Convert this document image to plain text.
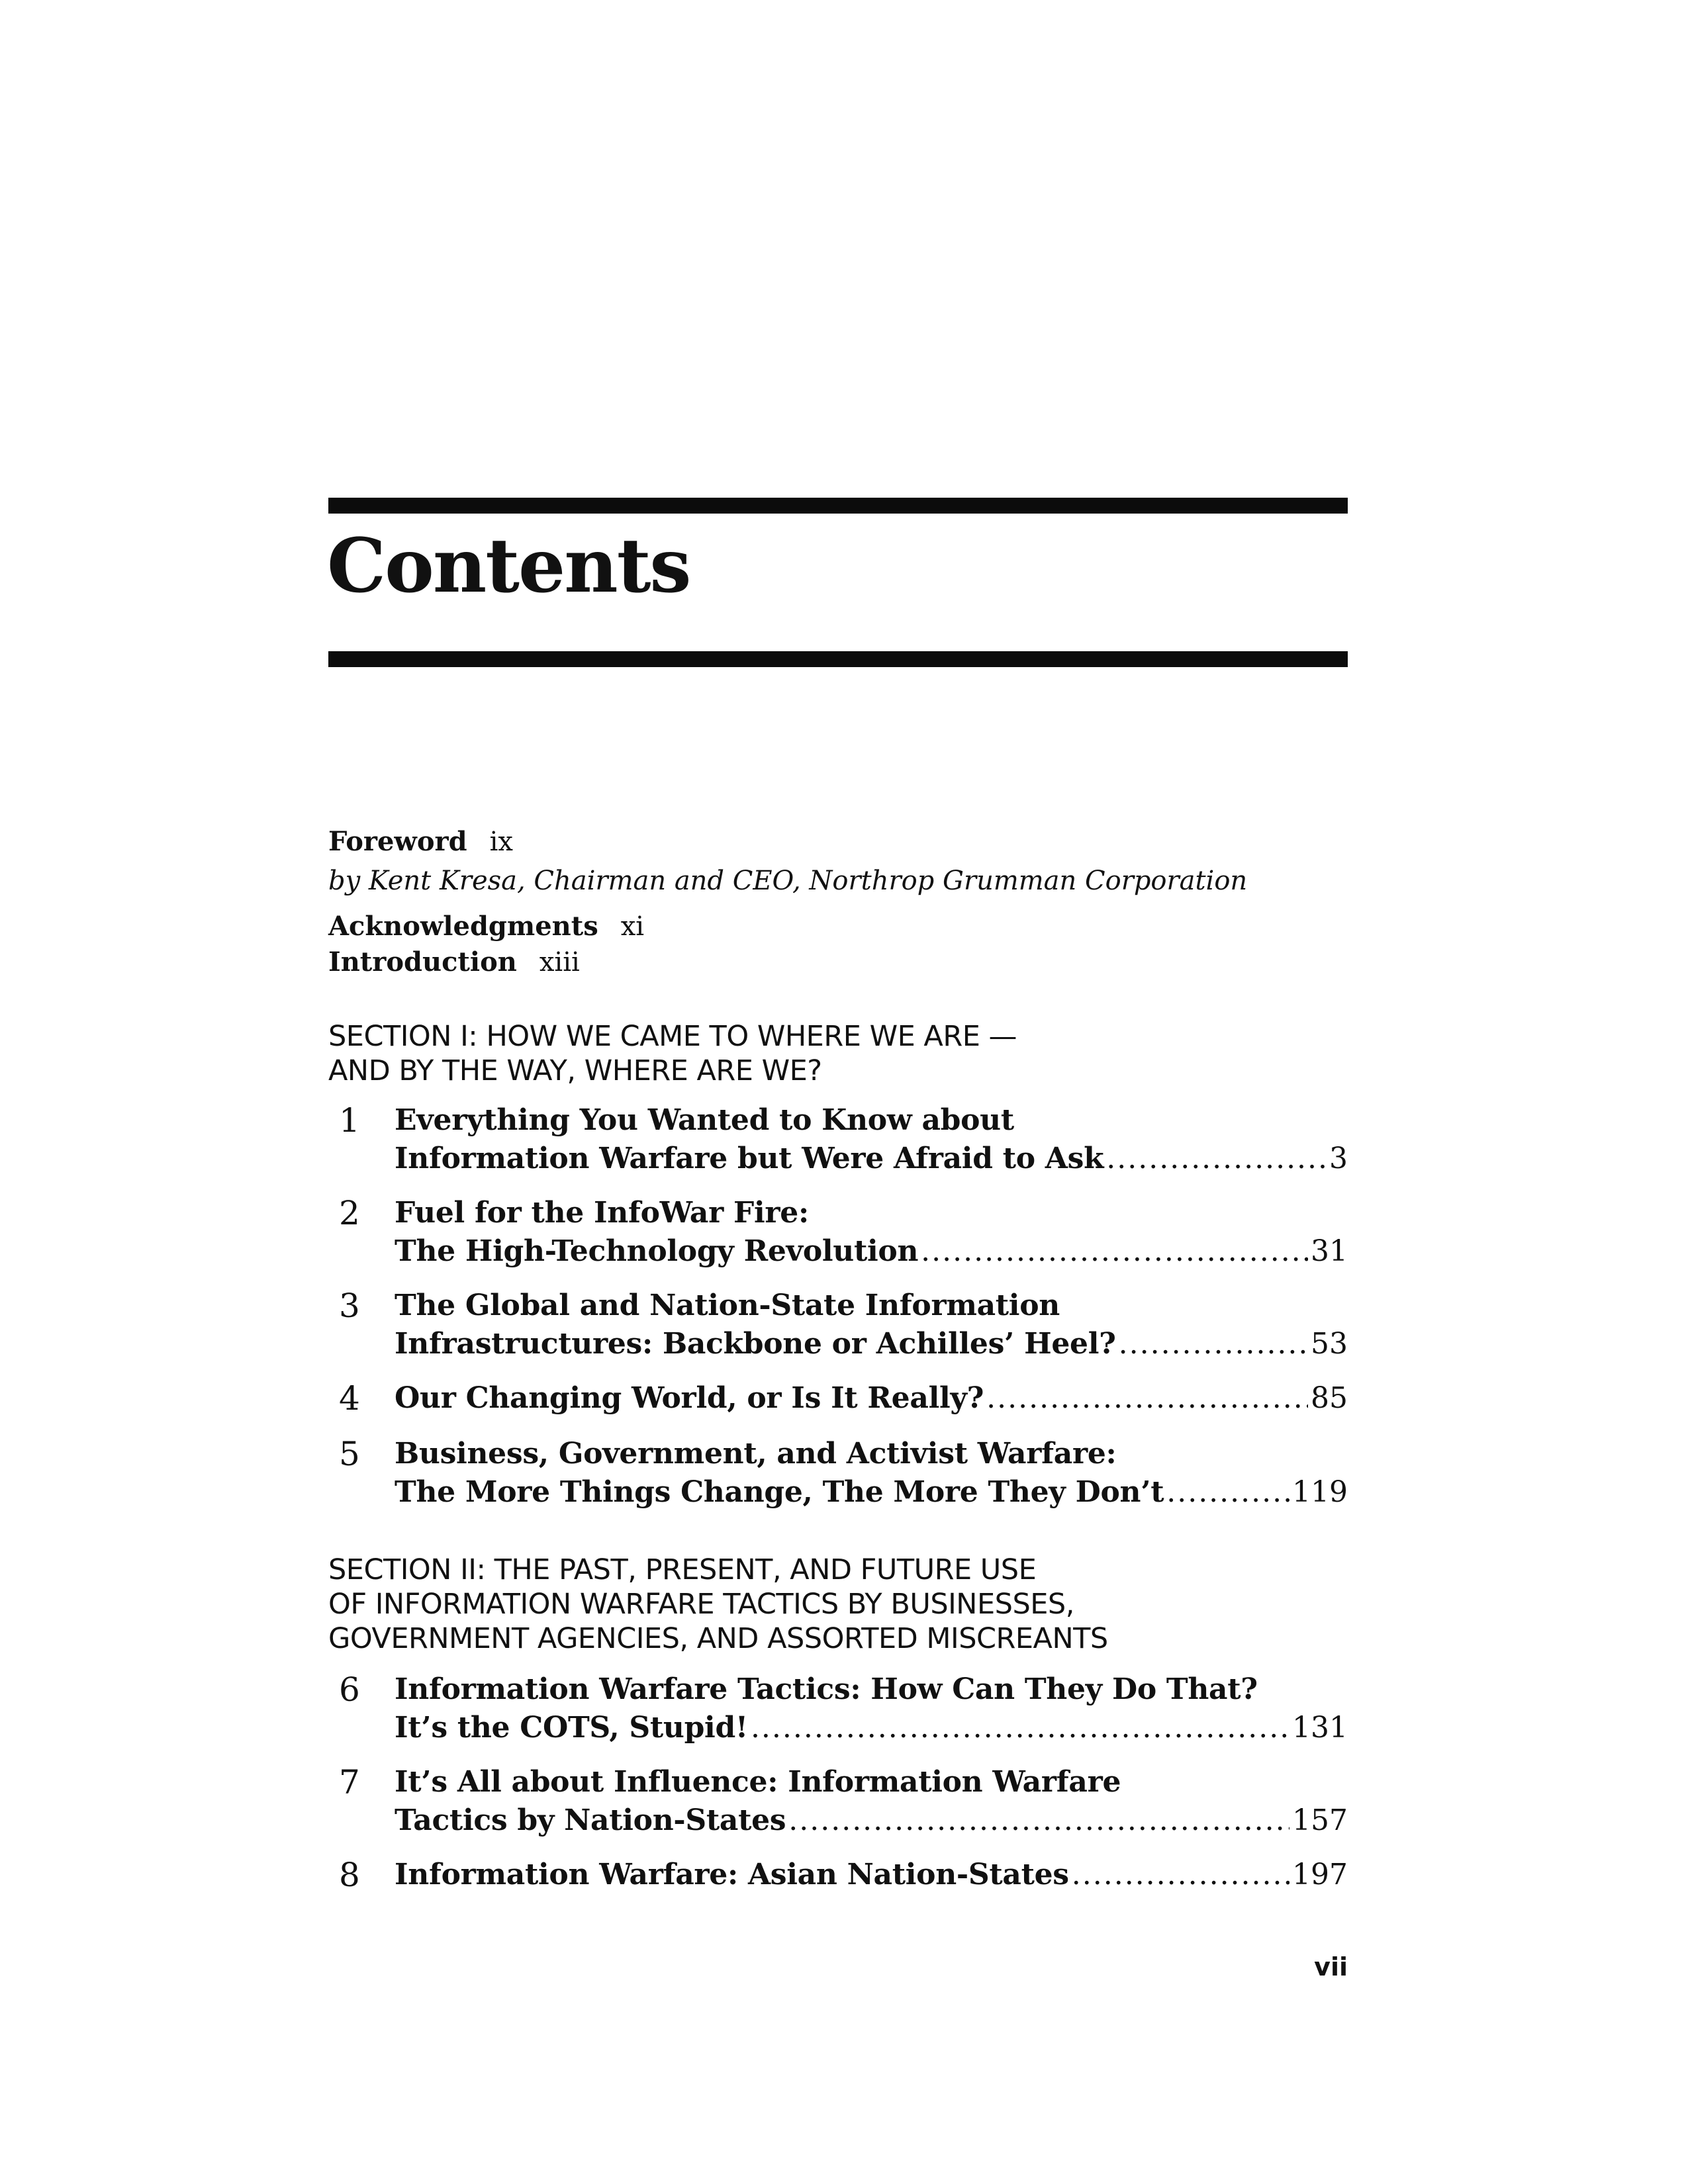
Contents
Foreword ix
by Kent Kresa, Chairman and CEO, Northrop Grumman Corporation
Acknowledgments xi
Introduction xiii
SECTION I: HOW WE CAME TO WHERE WE ARE —
AND BY THE WAY, WHERE ARE WE?
1	Everything You Wanted to Know about
Information Warfare but Were Afraid to Ask .....	3
2	Fuel for the InfoWar Fire:
The High-Technology Revolution .....	31
3	The Global and Nation-State Information
Infrastructures: Backbone or Achilles’ Heel? .....	53
4	Our Changing World, or Is It Really? .....	85
5	Business, Government, and Activist Warfare:
The More Things Change, The More They Don’t .....	119
SECTION II: THE PAST, PRESENT, AND FUTURE USE
OF INFORMATION WARFARE TACTICS BY BUSINESSES,
GOVERNMENT AGENCIES, AND ASSORTED MISCREANTS
6	Information Warfare Tactics: How Can They Do That?
It’s the COTS, Stupid! .....	131
7	It’s All about Influence: Information Warfare
Tactics by Nation-States .....	157
8	Information Warfare: Asian Nation-States .....	197
vii
